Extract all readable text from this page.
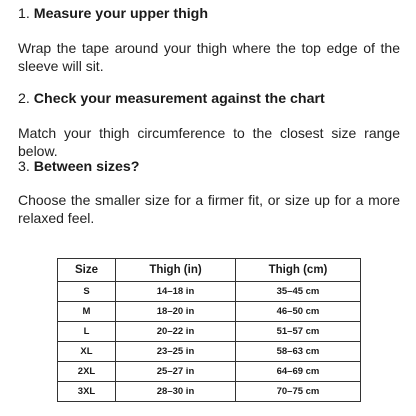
1. Measure your upper thigh

Wrap the tape around your thigh where the top edge of the sleeve will sit.

2. Check your measurement against the chart

Match your thigh circumference to the closest size range below.

3. Between sizes?

Choose the smaller size for a firmer fit, or size up for a more relaxed feel.

Size	Thigh (in)	Thigh (cm)
S	14–18 in	35–45 cm
M	18–20 in	46–50 cm
L	20–22 in	51–57 cm
XL	23–25 in	58–63 cm
2XL	25–27 in	64–69 cm
3XL	28–30 in	70–75 cm
